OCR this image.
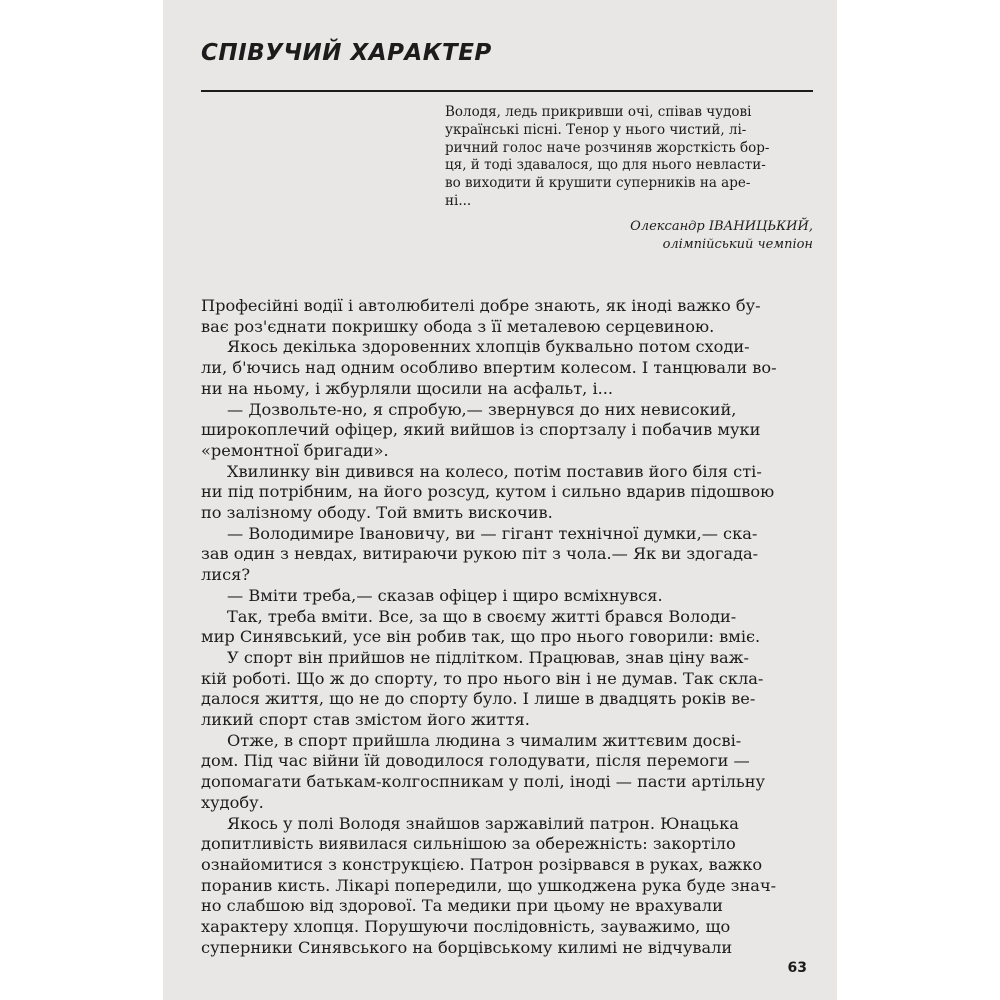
СПІВУЧИЙ ХАРАКТЕР
Володя, ледь прикривши очі, співав чудові
українські пісні. Тенор у нього чистий, лі-
ричний голос наче розчиняв жорсткість бор-
ця, й тоді здавалося, що для нього невласти-
во виходити й крушити суперників на аре-
ні...
Олександр ІВАНИЦЬКИЙ,
олімпійський чемпіон
Професійні водії і автолюбителі добре знають, як іноді важко бу-
ває роз'єднати покришку обода з її металевою серцевиною.
Якось декілька здоровенних хлопців буквально потом сходи-
ли, б'ючись над одним особливо впертим колесом. І танцювали во-
ни на ньому, і жбурляли щосили на асфальт, і...
— Дозвольте-но, я спробую,— звернувся до них невисокий,
широкоплечий офіцер, який вийшов із спортзалу і побачив муки
«ремонтної бригади».
Хвилинку він дивився на колесо, потім поставив його біля сті-
ни під потрібним, на його розсуд, кутом і сильно вдарив підошвою
по залізному ободу. Той вмить вискочив.
— Володимире Івановичу, ви — гігант технічної думки,— ска-
зав один з невдах, витираючи рукою піт з чола.— Як ви здогада-
лися?
— Вміти треба,— сказав офіцер і щиро всміхнувся.
Так, треба вміти. Все, за що в своєму житті брався Володи-
мир Синявський, усе він робив так, що про нього говорили: вміє.
У спорт він прийшов не підлітком. Працював, знав ціну важ-
кій роботі. Що ж до спорту, то про нього він і не думав. Так скла-
далося життя, що не до спорту було. І лише в двадцять років ве-
ликий спорт став змістом його життя.
Отже, в спорт прийшла людина з чималим життєвим досві-
дом. Під час війни їй доводилося голодувати, після перемоги —
допомагати батькам-колгоспникам у полі, іноді — пасти артільну
худобу.
Якось у полі Володя знайшов заржавілий патрон. Юнацька
допитливість виявилася сильнішою за обережність: закортіло
ознайомитися з конструкцією. Патрон розірвався в руках, важко
поранив кисть. Лікарі попередили, що ушкоджена рука буде знач-
но слабшою від здорової. Та медики при цьому не врахували
характеру хлопця. Порушуючи послідовність, зауважимо, що
суперники Синявського на борцівському килимі не відчували
63
